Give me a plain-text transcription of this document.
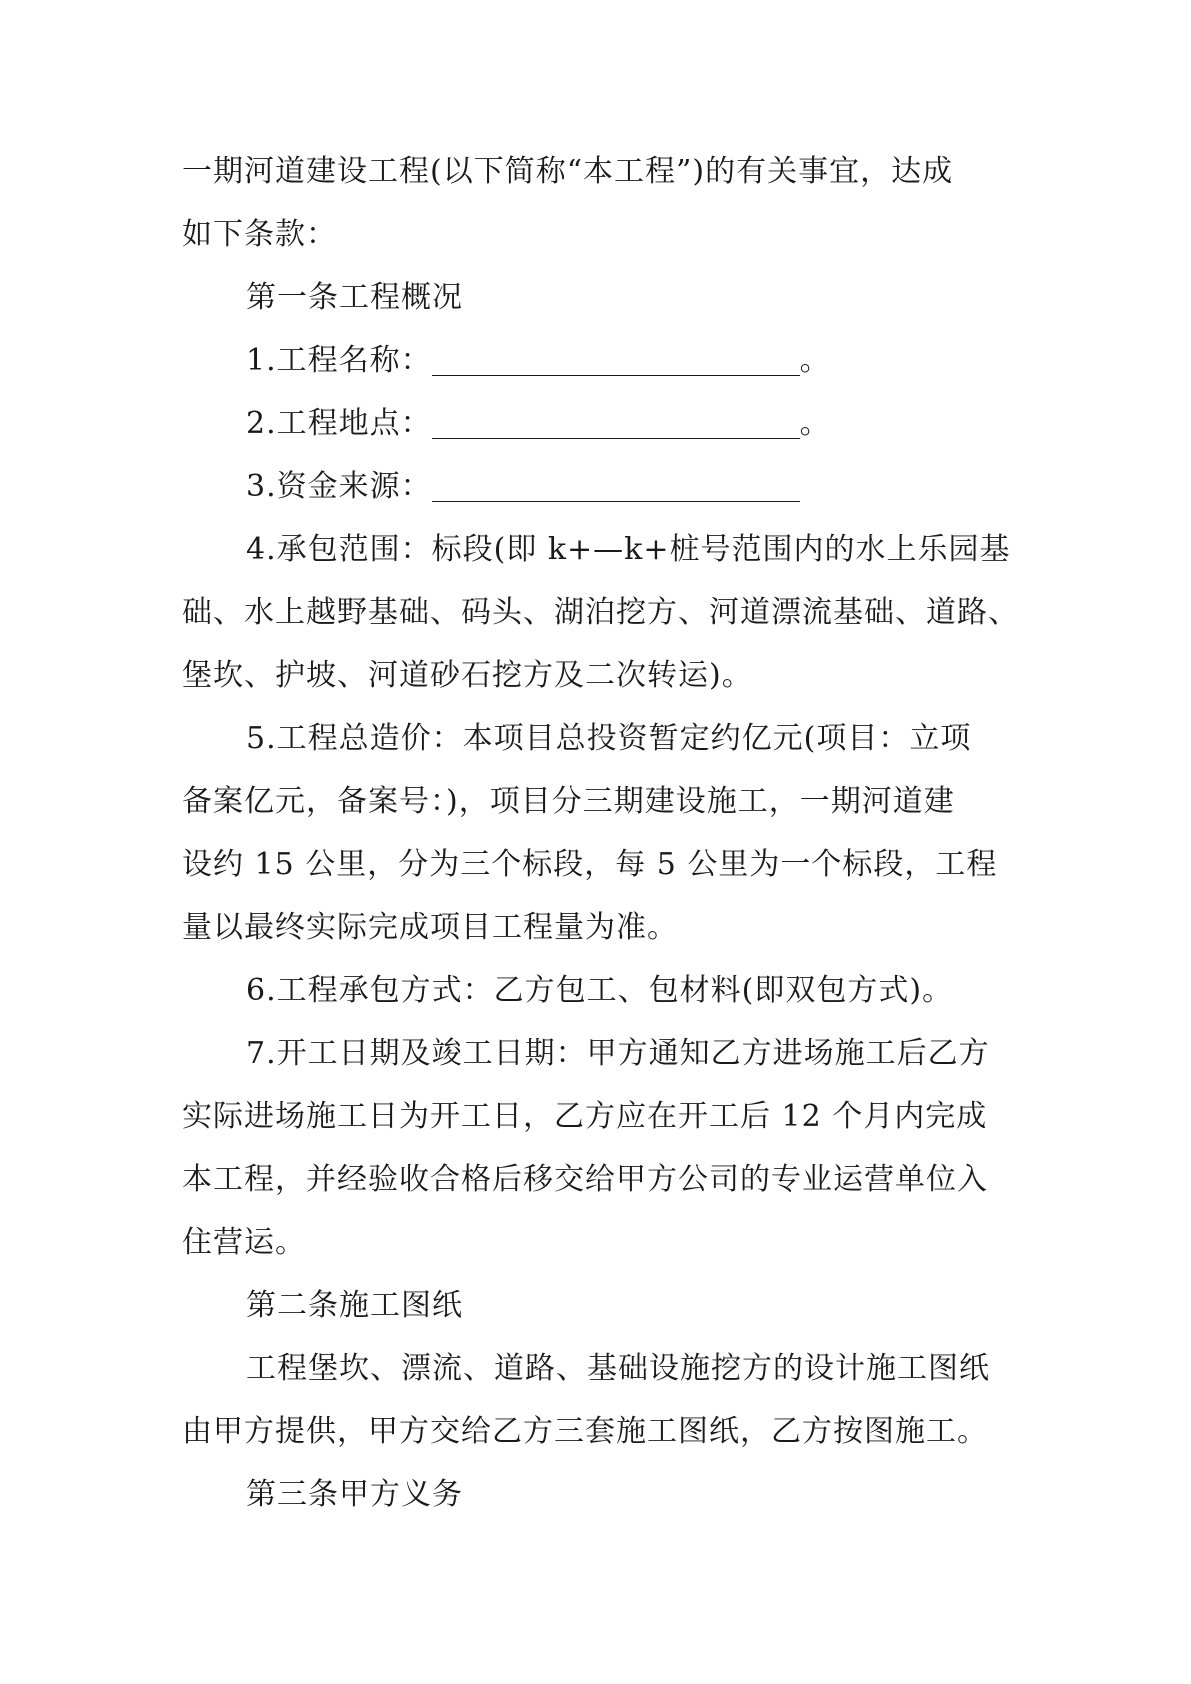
一期河道建设工程(以下简称“本工程”)的有关事宜，达成
如下条款：
第一条工程概况
1.工程名称：	。
2.工程地点：	。
3.资金来源：
4.承包范围：标段(即 k+—k+桩号范围内的水上乐园基
础、水上越野基础、码头、湖泊挖方、河道漂流基础、道路、
堡坎、护坡、河道砂石挖方及二次转运)。
5.工程总造价：本项目总投资暂定约亿元(项目：立项
备案亿元，备案号：)，项目分三期建设施工，一期河道建
设约 15 公里，分为三个标段，每 5 公里为一个标段，工程
量以最终实际完成项目工程量为准。
6.工程承包方式：乙方包工、包材料(即双包方式)。
7.开工日期及竣工日期：甲方通知乙方进场施工后乙方
实际进场施工日为开工日，乙方应在开工后 12 个月内完成
本工程，并经验收合格后移交给甲方公司的专业运营单位入
住营运。
第二条施工图纸
工程堡坎、漂流、道路、基础设施挖方的设计施工图纸
由甲方提供，甲方交给乙方三套施工图纸，乙方按图施工。
第三条甲方义务
